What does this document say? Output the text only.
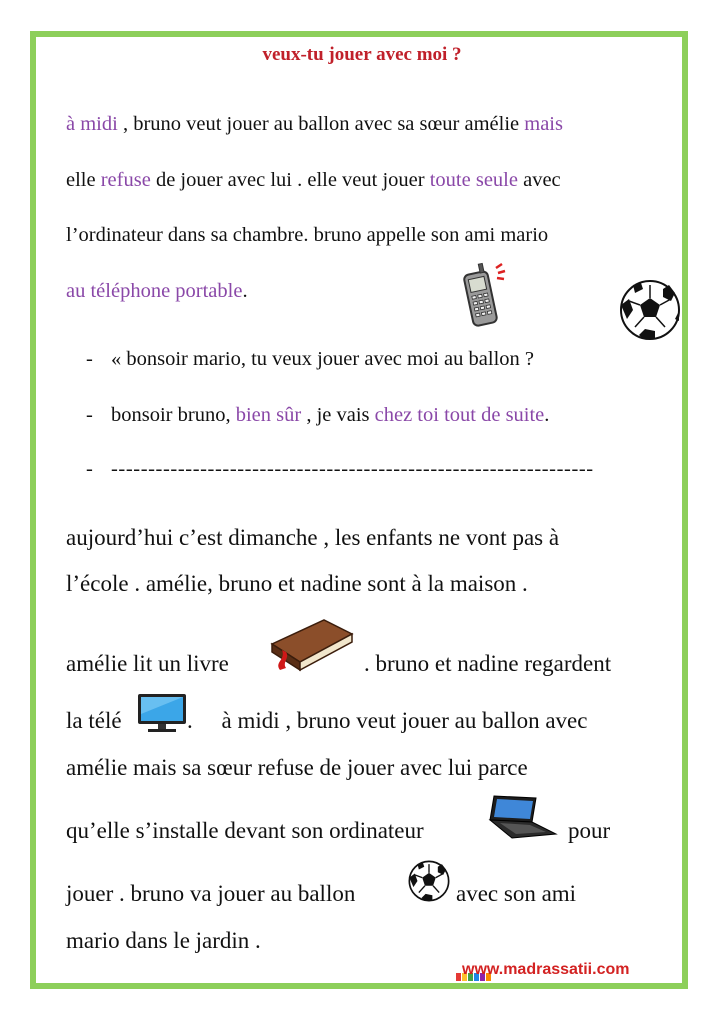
veux-tu jouer avec moi ?
à midi , bruno veut jouer au ballon avec sa sœur amélie mais
elle refuse de jouer avec lui . elle veut jouer toute seule avec
l’ordinateur dans sa chambre. bruno appelle son ami mario
au téléphone portable.
- « bonsoir mario, tu veux jouer avec moi au ballon ?
- bonsoir bruno, bien sûr , je vais chez toi tout de suite.
- -----------------------------------------------------------------
aujourd’hui c’est dimanche , les enfants ne vont pas à
l’école . amélie, bruno et nadine sont à la maison .
amélie lit un livre	. bruno et nadine regardent
la télé	.     à midi , bruno veut jouer au ballon avec
amélie mais sa sœur refuse de jouer avec lui parce
qu’elle s’installe devant son ordinateur	pour
jouer . bruno va jouer au ballon	avec son ami
mario dans le jardin .
www.madrassatii.com
